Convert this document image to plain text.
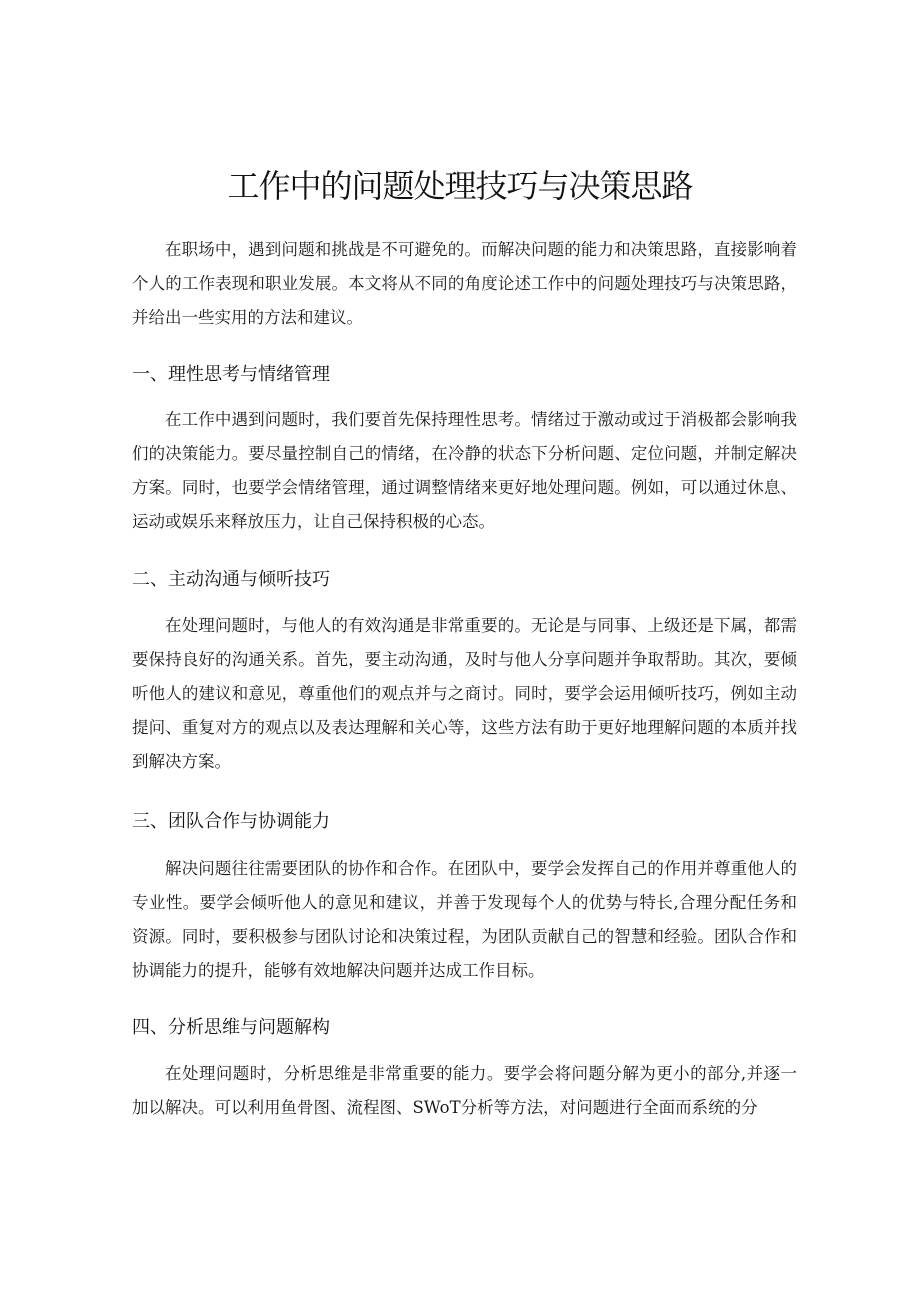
工作中的问题处理技巧与决策思路

在职场中，遇到问题和挑战是不可避免的。而解决问题的能力和决策思路，直接影响着个人的工作表现和职业发展。本文将从不同的角度论述工作中的问题处理技巧与决策思路，并给出一些实用的方法和建议。

一、理性思考与情绪管理

在工作中遇到问题时，我们要首先保持理性思考。情绪过于激动或过于消极都会影响我们的决策能力。要尽量控制自己的情绪，在冷静的状态下分析问题、定位问题，并制定解决方案。同时，也要学会情绪管理，通过调整情绪来更好地处理问题。例如，可以通过休息、运动或娱乐来释放压力，让自己保持积极的心态。

二、主动沟通与倾听技巧

在处理问题时，与他人的有效沟通是非常重要的。无论是与同事、上级还是下属，都需要保持良好的沟通关系。首先，要主动沟通，及时与他人分享问题并争取帮助。其次，要倾听他人的建议和意见，尊重他们的观点并与之商讨。同时，要学会运用倾听技巧，例如主动提问、重复对方的观点以及表达理解和关心等，这些方法有助于更好地理解问题的本质并找到解决方案。

三、团队合作与协调能力

解决问题往往需要团队的协作和合作。在团队中，要学会发挥自己的作用并尊重他人的专业性。要学会倾听他人的意见和建议，并善于发现每个人的优势与特长,合理分配任务和资源。同时，要积极参与团队讨论和决策过程，为团队贡献自己的智慧和经验。团队合作和协调能力的提升，能够有效地解决问题并达成工作目标。

四、分析思维与问题解构

在处理问题时，分析思维是非常重要的能力。要学会将问题分解为更小的部分,并逐一加以解决。可以利用鱼骨图、流程图、SWoT分析等方法，对问题进行全面而系统的分
